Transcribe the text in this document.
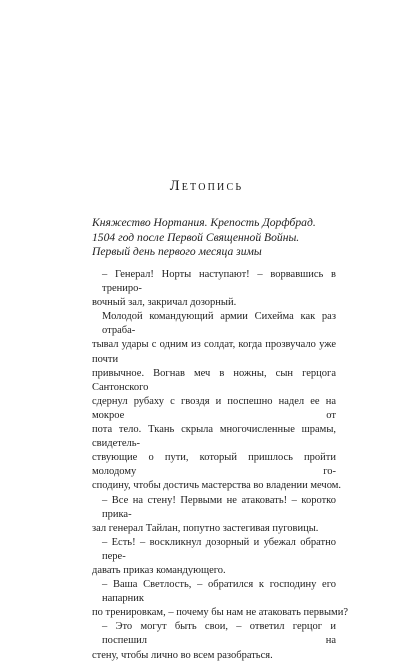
Летопись
Княжество Нортания. Крепость Дорфбрад.
1504 год после Первой Священной Войны.
Первый день первого месяца зимы
– Генерал! Норты наступают! – ворвавшись в трениро-
вочный зал, закричал дозорный.
Молодой командующий армии Сихейма как раз отраба-
тывал удары с одним из солдат, когда прозвучало уже почти
привычное. Вогнав меч в ножны, сын герцога Сантонского
сдернул рубаху с гвоздя и поспешно надел ее на мокрое от
пота тело. Ткань скрыла многочисленные шрамы, свидетель-
ствующие о пути, который пришлось пройти молодому го-
сподину, чтобы достичь мастерства во владении мечом.
– Все на стену! Первыми не атаковать! – коротко прика-
зал генерал Тайлан, попутно застегивая пуговицы.
– Есть! – воскликнул дозорный и убежал обратно пере-
давать приказ командующего.
– Ваша Светлость, – обратился к господину его напарник
по тренировкам, – почему бы нам не атаковать первыми?
– Это могут быть свои, – ответил герцог и поспешил на
стену, чтобы лично во всем разобраться.
